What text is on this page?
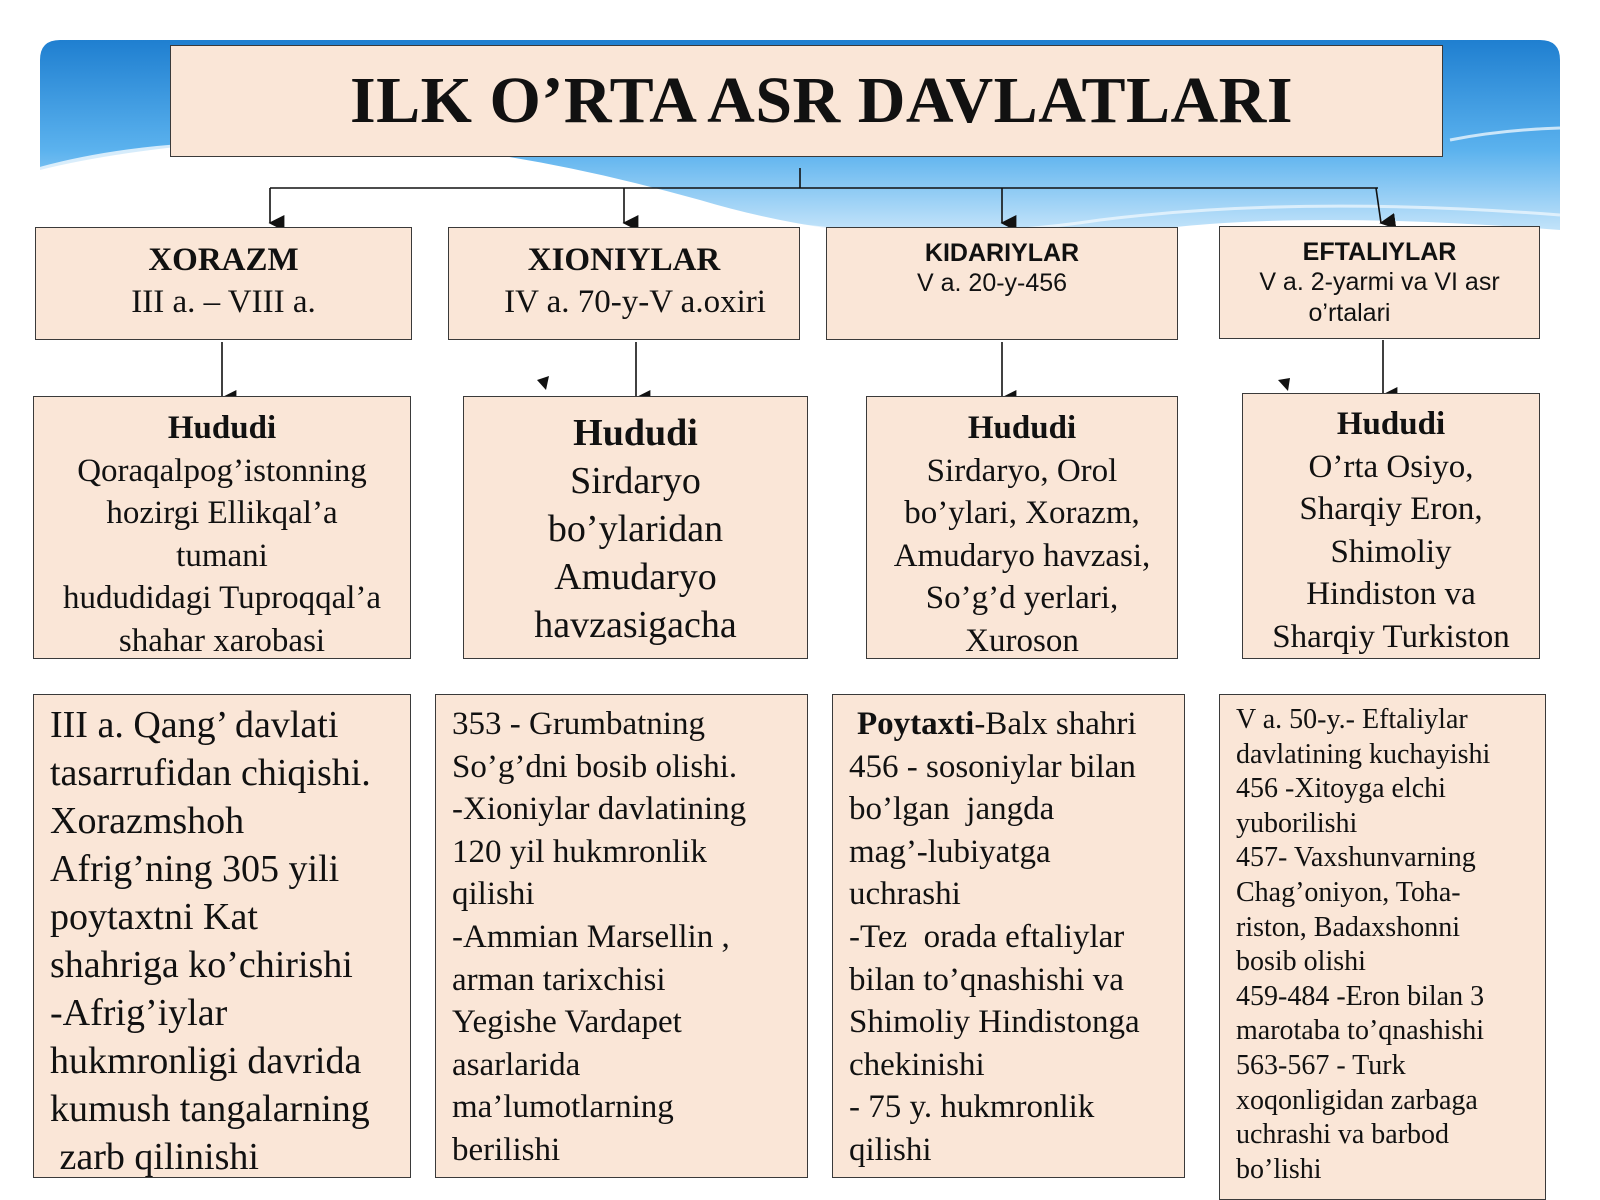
ILK O’RTA ASR DAVLATLARI
XORAZM
III a. – VIII a.
XIONIYLAR
IV a. 70-y-V a.oxiri
KIDARIYLAR
V a. 20-y-456
EFTALIYLAR
V a. 2-yarmi va VI asr
o’rtalari
Hududi
Qoraqalpog’istonning
hozirgi Ellikqal’a
tumani
hududidagi Tuproqqal’a
shahar xarobasi
Hududi
Sirdaryo
bo’ylaridan
Amudaryo
havzasigacha
Hududi
Sirdaryo, Orol
bo’ylari, Xorazm,
Amudaryo havzasi,
So’g’d yerlari,
Xuroson
Hududi
O’rta Osiyo,
Sharqiy Eron,
Shimoliy
Hindiston va
Sharqiy Turkiston
III a. Qang’ davlati
tasarrufidan chiqishi.
Xorazmshoh
Afrig’ning 305 yili
poytaxtni Kat
shahriga ko’chirishi
-Afrig’iylar
hukmronligi davrida
kumush tangalarning
zarb qilinishi
353 - Grumbatning
So’g’dni bosib olishi.
-Xioniylar davlatining
120 yil hukmronlik
qilishi
-Ammian Marsellin ,
arman tarixchisi
Yegishe Vardapet
asarlarida
ma’lumotlarning
berilishi
Poytaxti-Balx shahri
456 - sosoniylar bilan
bo’lgan  jangda
mag’-lubiyatga
uchrashi
-Tez  orada eftaliylar
bilan to’qnashishi va
Shimoliy Hindistonga
chekinishi
- 75 y. hukmronlik
qilishi
V a. 50-y.- Eftaliylar
davlatining kuchayishi
456 -Xitoyga elchi
yuborilishi
457- Vaxshunvarning
Chag’oniyon, Toha-
riston, Badaxshonni
bosib olishi
459-484 -Eron bilan 3
marotaba to’qnashishi
563-567 - Turk
xoqonligidan zarbaga
uchrashi va barbod
bo’lishi
